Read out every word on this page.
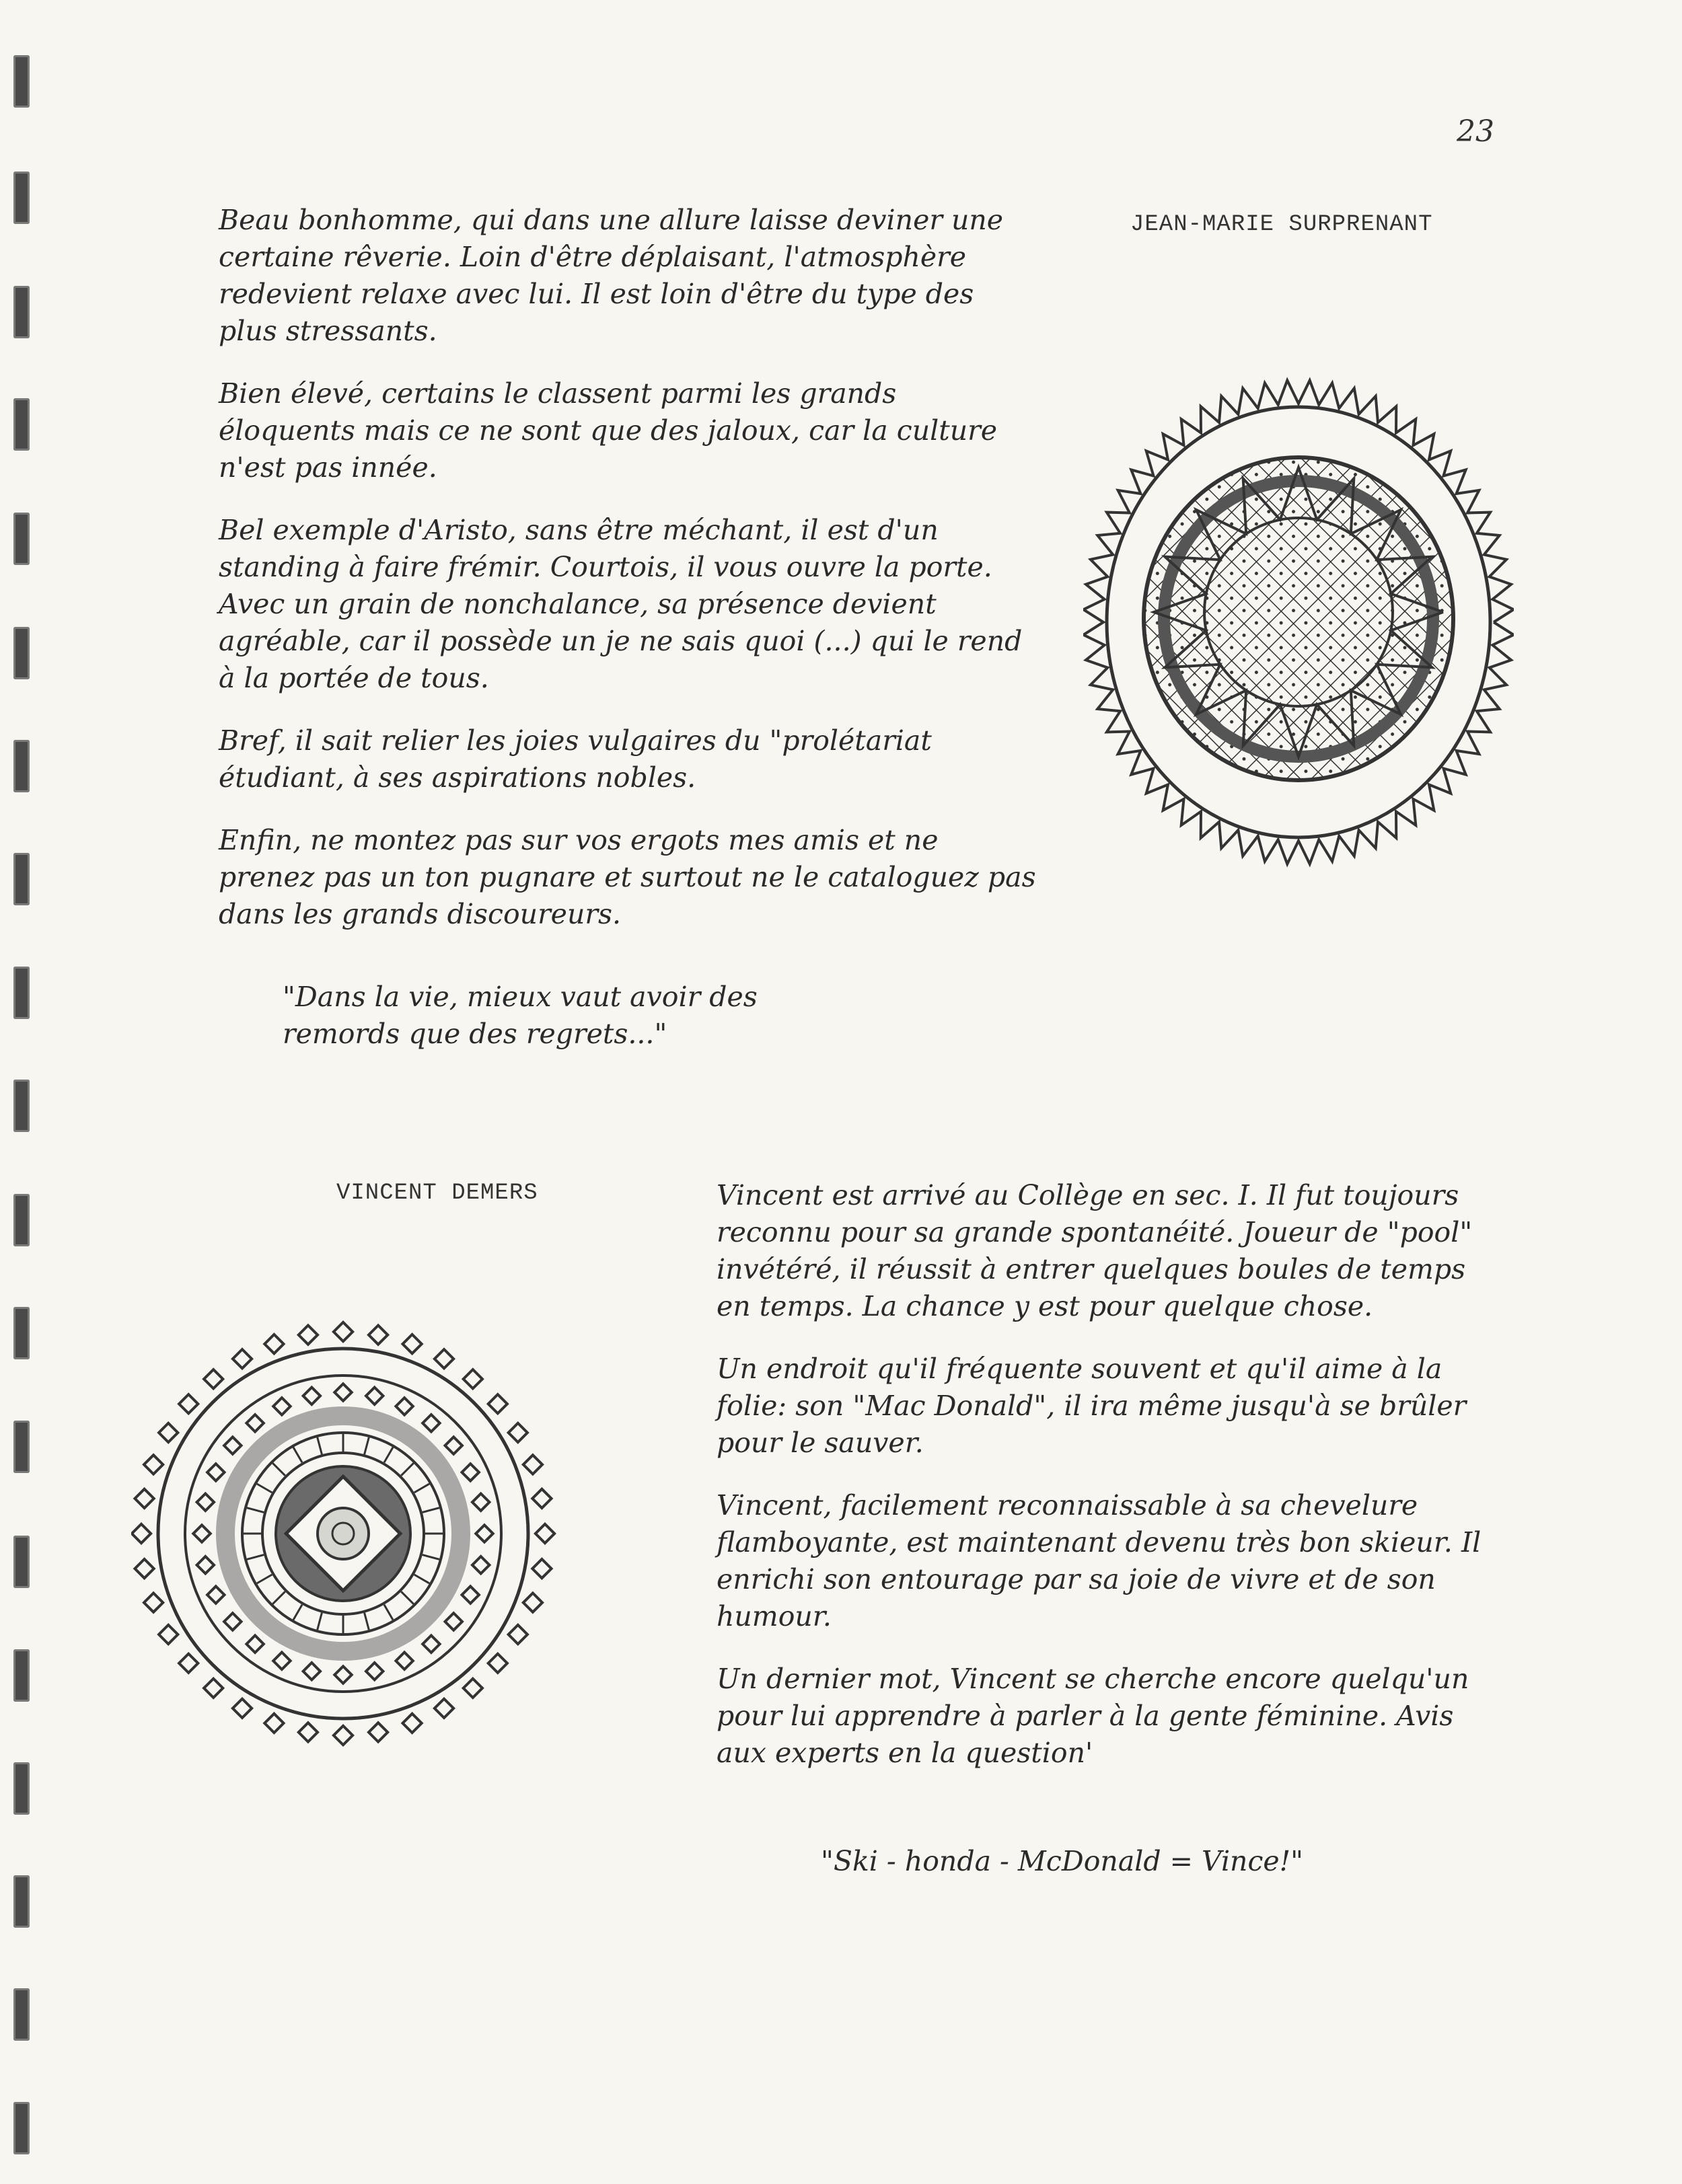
23
JEAN-MARIE SURPRENANT

Beau bonhomme, qui dans une allure laisse deviner une certaine rêverie. Loin d'être déplaisant, l'atmosphère redevient relaxe avec lui. Il est loin d'être du type des plus stressants.

Bien élevé, certains le classent parmi les grands éloquents mais ce ne sont que des jaloux, car la culture n'est pas innée.

Bel exemple d'Aristo, sans être méchant, il est d'un standing à faire frémir. Courtois, il vous ouvre la porte. Avec un grain de nonchalance, sa présence devient agréable, car il possède un je ne sais quoi (...) qui le rend à la portée de tous.

Bref, il sait relier les joies vulgaires du "prolétariat étudiant, à ses aspirations nobles.

Enfin, ne montez pas sur vos ergots mes amis et ne prenez pas un ton pugnare et surtout ne le cataloguez pas dans les grands discoureurs.

"Dans la vie, mieux vaut avoir des
remords que des regrets..."
VINCENT DEMERS	Vincent est arrivé au Collège en sec. I. Il fut toujours reconnu pour sa grande spontanéité. Joueur de "pool" invétéré, il réussit à entrer quelques boules de temps en temps. La chance y est pour quelque chose.

Un endroit qu'il fréquente souvent et qu'il aime à la folie: son "Mac Donald", il ira même jusqu'à se brûler pour le sauver.

Vincent, facilement reconnaissable à sa chevelure flamboyante, est maintenant devenu très bon skieur. Il enrichi son entourage par sa joie de vivre et de son humour.

Un dernier mot, Vincent se cherche encore quelqu'un pour lui apprendre à parler à la gente féminine. Avis aux experts en la question'

"Ski - honda - McDonald = Vince!"
